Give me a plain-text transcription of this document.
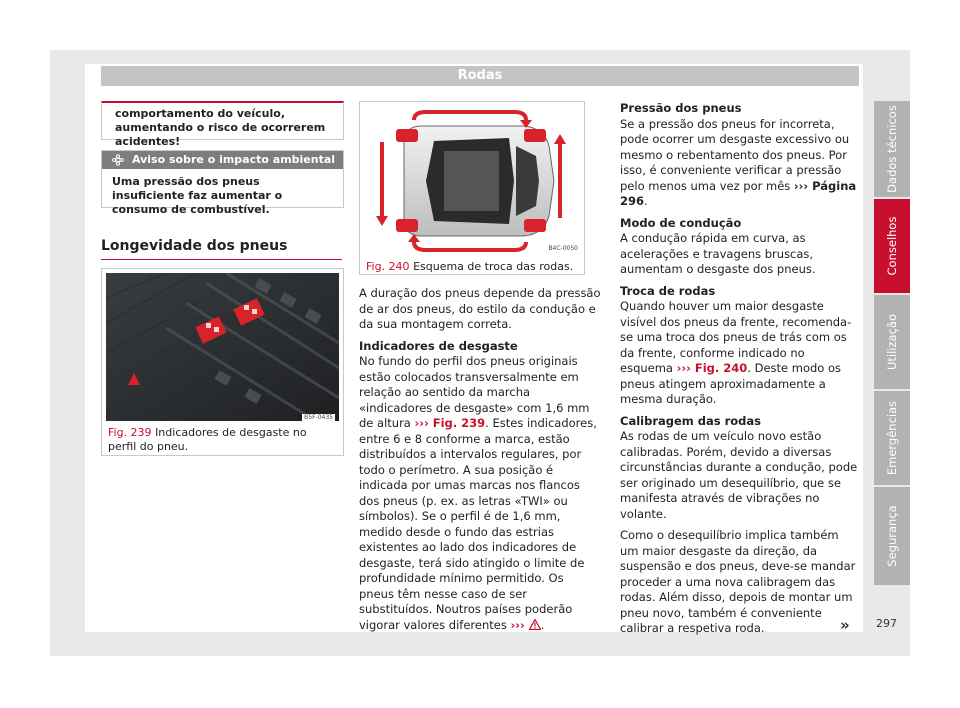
Rodas

comportamento do veículo, aumentando o risco de ocorrerem acidentes!

Aviso sobre o impacto ambiental

Uma pressão dos pneus insuficiente faz aumentar o consumo de combustível.

Longevidade dos pneus
B5F-0435
Fig. 239 Indicadores de desgaste no perfil do pneu.
B4C-0050
Fig. 240 Esquema de troca das rodas.

A duração dos pneus depende da pressão de ar dos pneus, do estilo da condução e da sua montagem correta.

Indicadores de desgaste

No fundo do perfil dos pneus originais estão colocados transversalmente em relação ao sentido da marcha «indicadores de desgaste» com 1,6 mm de altura ››› Fig. 239. Estes indicadores, entre 6 e 8 conforme a marca, estão distribuídos a intervalos regulares, por todo o perímetro. A sua posição é indicada por umas marcas nos flancos dos pneus (p. ex. as letras «TWI» ou símbolos). Se o perfil é de 1,6 mm, medido desde o fundo das estrias existentes ao lado dos indicadores de desgaste, terá sido atingido o limite de profundidade mínimo permitido. Os pneus têm nesse caso de ser substituídos. Noutros países poderão vigorar valores diferentes ››› .

Pressão dos pneus

Se a pressão dos pneus for incorreta, pode ocorrer um desgaste excessivo ou mesmo o rebentamento dos pneus. Por isso, é conveniente verificar a pressão pelo menos uma vez por mês ››› Página 296.

Modo de condução

A condução rápida em curva, as acelerações e travagens bruscas, aumentam o desgaste dos pneus.

Troca de rodas

Quando houver um maior desgaste visível dos pneus da frente, recomenda-se uma troca dos pneus de trás com os da frente, conforme indicado no esquema ››› Fig. 240. Deste modo os pneus atingem aproximadamente a mesma duração.

Calibragem das rodas

As rodas de um veículo novo estão calibradas. Porém, devido a diversas circunstâncias durante a condução, pode ser originado um desequilíbrio, que se manifesta através de vibrações no volante.

Como o desequilíbrio implica também um maior desgaste da direção, da suspensão e dos pneus, deve-se mandar proceder a uma nova calibragem das rodas. Além disso, depois de montar um pneu novo, também é conveniente calibrar a respetiva roda.	»
Dados técnicos
Conselhos
Utilização
Emergências
Segurança
297
